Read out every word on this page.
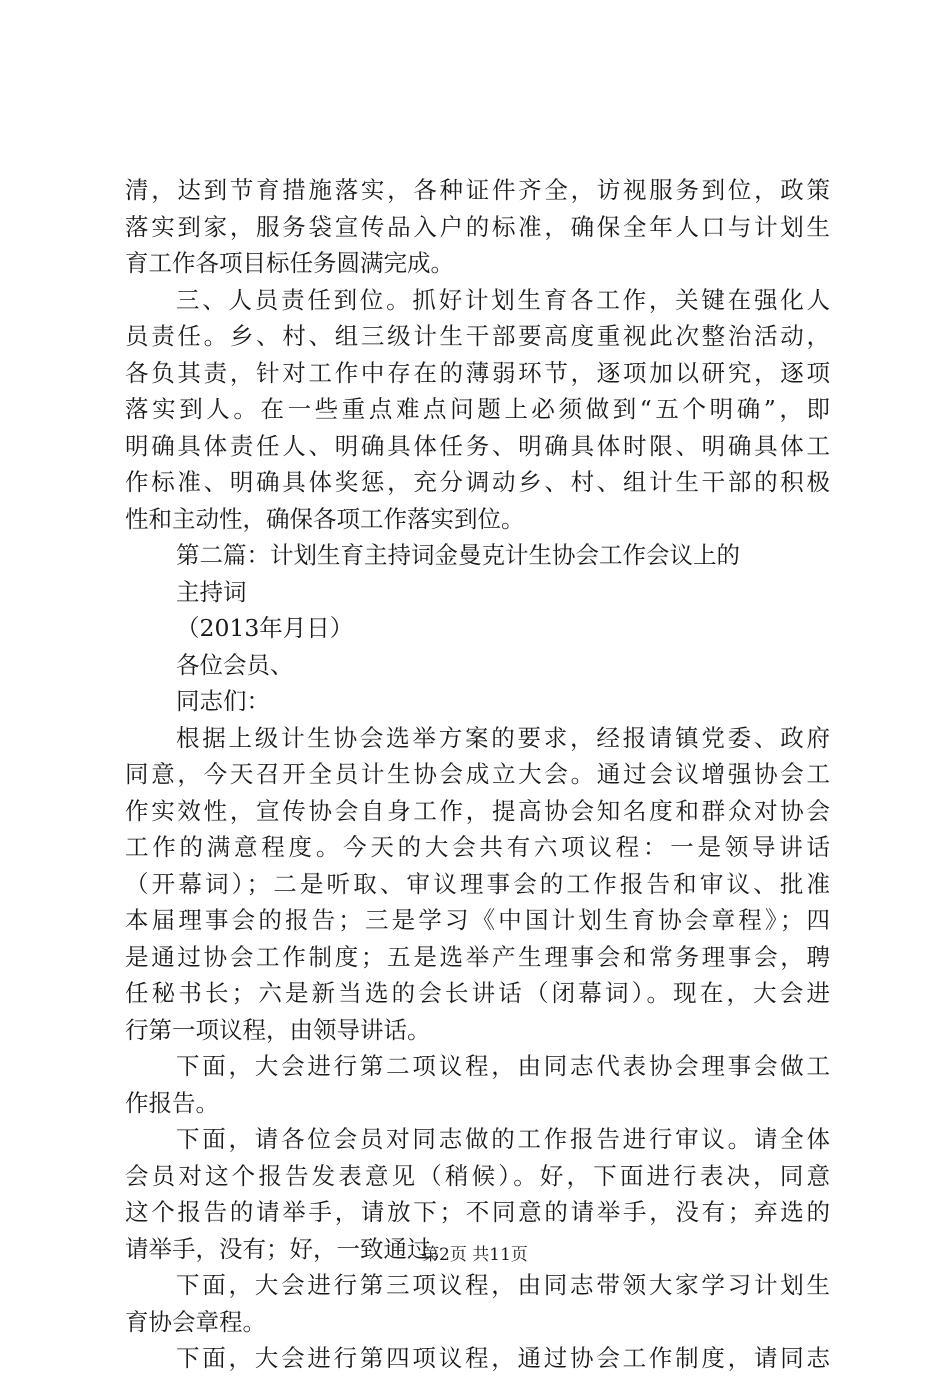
清，达到节育措施落实，各种证件齐全，访视服务到位，政策
落实到家，服务袋宣传品入户的标准，确保全年人口与计划生
育工作各项目标任务圆满完成。
三、人员责任到位。抓好计划生育各工作，关键在强化人
员责任。乡、村、组三级计生干部要高度重视此次整治活动，
各负其责，针对工作中存在的薄弱环节，逐项加以研究，逐项
落实到人。在一些重点难点问题上必须做到“五个明确”，即
明确具体责任人、明确具体任务、明确具体时限、明确具体工
作标准、明确具体奖惩，充分调动乡、村、组计生干部的积极
性和主动性，确保各项工作落实到位。
第二篇：计划生育主持词金曼克计生协会工作会议上的
主持词
（2013年月日）
各位会员、
同志们：
根据上级计生协会选举方案的要求，经报请镇党委、政府
同意，今天召开全员计生协会成立大会。通过会议增强协会工
作实效性，宣传协会自身工作，提高协会知名度和群众对协会
工作的满意程度。今天的大会共有六项议程：一是领导讲话
（开幕词）；二是听取、审议理事会的工作报告和审议、批准
本届理事会的报告；三是学习《中国计划生育协会章程》；四
是通过协会工作制度；五是选举产生理事会和常务理事会，聘
任秘书长；六是新当选的会长讲话（闭幕词）。现在，大会进
行第一项议程，由领导讲话。
下面，大会进行第二项议程，由同志代表协会理事会做工
作报告。
下面，请各位会员对同志做的工作报告进行审议。请全体
会员对这个报告发表意见（稍候）。好，下面进行表决，同意
这个报告的请举手，请放下；不同意的请举手，没有；弃选的
请举手，没有；好，一致通过。
下面，大会进行第三项议程，由同志带领大家学习计划生
育协会章程。
下面，大会进行第四项议程，通过协会工作制度，请同志
第2页 共11页
